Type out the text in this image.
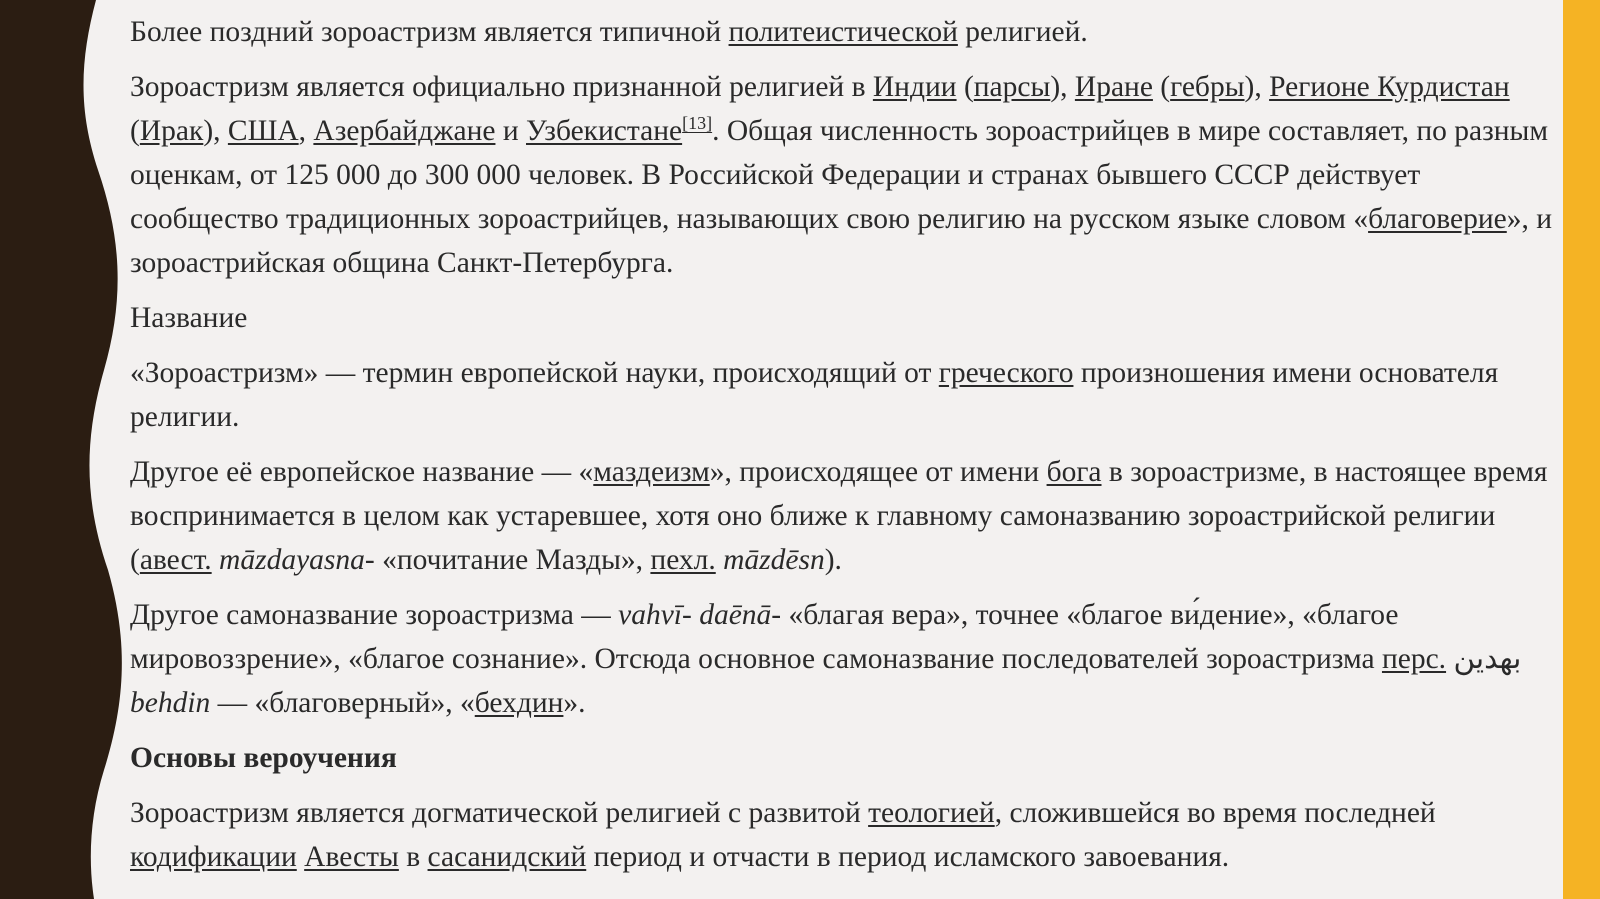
Более поздний зороастризм является типичной политеистической религией.

Зороастризм является официально признанной религией в Индии (парсы), Иране (гебры), Регионе Курдистан (Ирак), США, Азербайджане и Узбекистане[13]. Общая численность зороастрийцев в мире составляет, по разным оценкам, от 125 000 до 300 000 человек. В Российской Федерации и странах бывшего СССР действует сообщество традиционных зороастрийцев, называющих свою религию на русском языке словом «благоверие», и зороастрийская община Санкт-Петербурга.

Название

«Зороастризм» — термин европейской науки, происходящий от греческого произношения имени основателя религии.

Другое её европейское название — «маздеизм», происходящее от имени бога в зороастризме, в настоящее время воспринимается в целом как устаревшее, хотя оно ближе к главному самоназванию зороастрийской религии (авест. māzdayasna- «почитание Мазды», пехл. māzdēsn).

Другое самоназвание зороастризма — vahvī- daēnā- «благая вера», точнее «благое ви́дение», «благое мировоззрение», «благое сознание». Отсюда основное самоназвание последователей зороастризма перс. بهدین behdin — «благоверный», «бехдин».

Основы вероучения

Зороастризм является догматической религией с развитой теологией, сложившейся во время последней кодификации Авесты в сасанидский период и отчасти в период исламского завоевания.
